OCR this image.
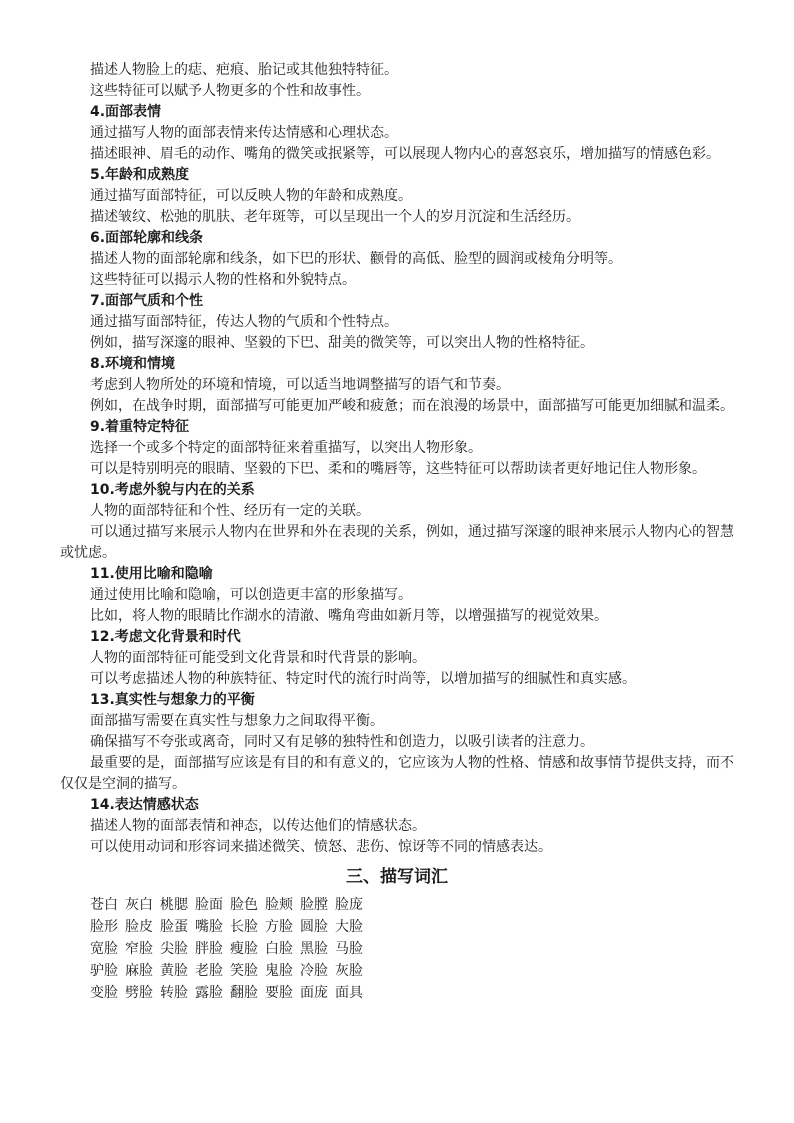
描述人物脸上的痣、疤痕、胎记或其他独特特征。

这些特征可以赋予人物更多的个性和故事性。

4.面部表情

通过描写人物的面部表情来传达情感和心理状态。

描述眼神、眉毛的动作、嘴角的微笑或抿紧等，可以展现人物内心的喜怒哀乐，增加描写的情感色彩。

5.年龄和成熟度

通过描写面部特征，可以反映人物的年龄和成熟度。

描述皱纹、松弛的肌肤、老年斑等，可以呈现出一个人的岁月沉淀和生活经历。

6.面部轮廓和线条

描述人物的面部轮廓和线条，如下巴的形状、颧骨的高低、脸型的圆润或棱角分明等。

这些特征可以揭示人物的性格和外貌特点。

7.面部气质和个性

通过描写面部特征，传达人物的气质和个性特点。

例如，描写深邃的眼神、坚毅的下巴、甜美的微笑等，可以突出人物的性格特征。

8.环境和情境

考虑到人物所处的环境和情境，可以适当地调整描写的语气和节奏。

例如，在战争时期，面部描写可能更加严峻和疲惫；而在浪漫的场景中，面部描写可能更加细腻和温柔。

9.着重特定特征

选择一个或多个特定的面部特征来着重描写，以突出人物形象。

可以是特别明亮的眼睛、坚毅的下巴、柔和的嘴唇等，这些特征可以帮助读者更好地记住人物形象。

10.考虑外貌与内在的关系

人物的面部特征和个性、经历有一定的关联。

可以通过描写来展示人物内在世界和外在表现的关系，例如，通过描写深邃的眼神来展示人物内心的智慧或忧虑。

11.使用比喻和隐喻

通过使用比喻和隐喻，可以创造更丰富的形象描写。

比如，将人物的眼睛比作湖水的清澈、嘴角弯曲如新月等，以增强描写的视觉效果。

12.考虑文化背景和时代

人物的面部特征可能受到文化背景和时代背景的影响。

可以考虑描述人物的种族特征、特定时代的流行时尚等，以增加描写的细腻性和真实感。

13.真实性与想象力的平衡

面部描写需要在真实性与想象力之间取得平衡。

确保描写不夸张或离奇，同时又有足够的独特性和创造力，以吸引读者的注意力。

最重要的是，面部描写应该是有目的和有意义的，它应该为人物的性格、情感和故事情节提供支持，而不仅仅是空洞的描写。

14.表达情感状态

描述人物的面部表情和神态，以传达他们的情感状态。

可以使用动词和形容词来描述微笑、愤怒、悲伤、惊讶等不同的情感表达。

三、描写词汇
苍白 灰白 桃腮 脸面 脸色 脸颊 脸膛 脸庞
脸形 脸皮 脸蛋 嘴脸 长脸 方脸 圆脸 大脸
宽脸 窄脸 尖脸 胖脸 瘦脸 白脸 黑脸 马脸
驴脸 麻脸 黄脸 老脸 笑脸 鬼脸 冷脸 灰脸
变脸 劈脸 转脸 露脸 翻脸 要脸 面庞 面具
